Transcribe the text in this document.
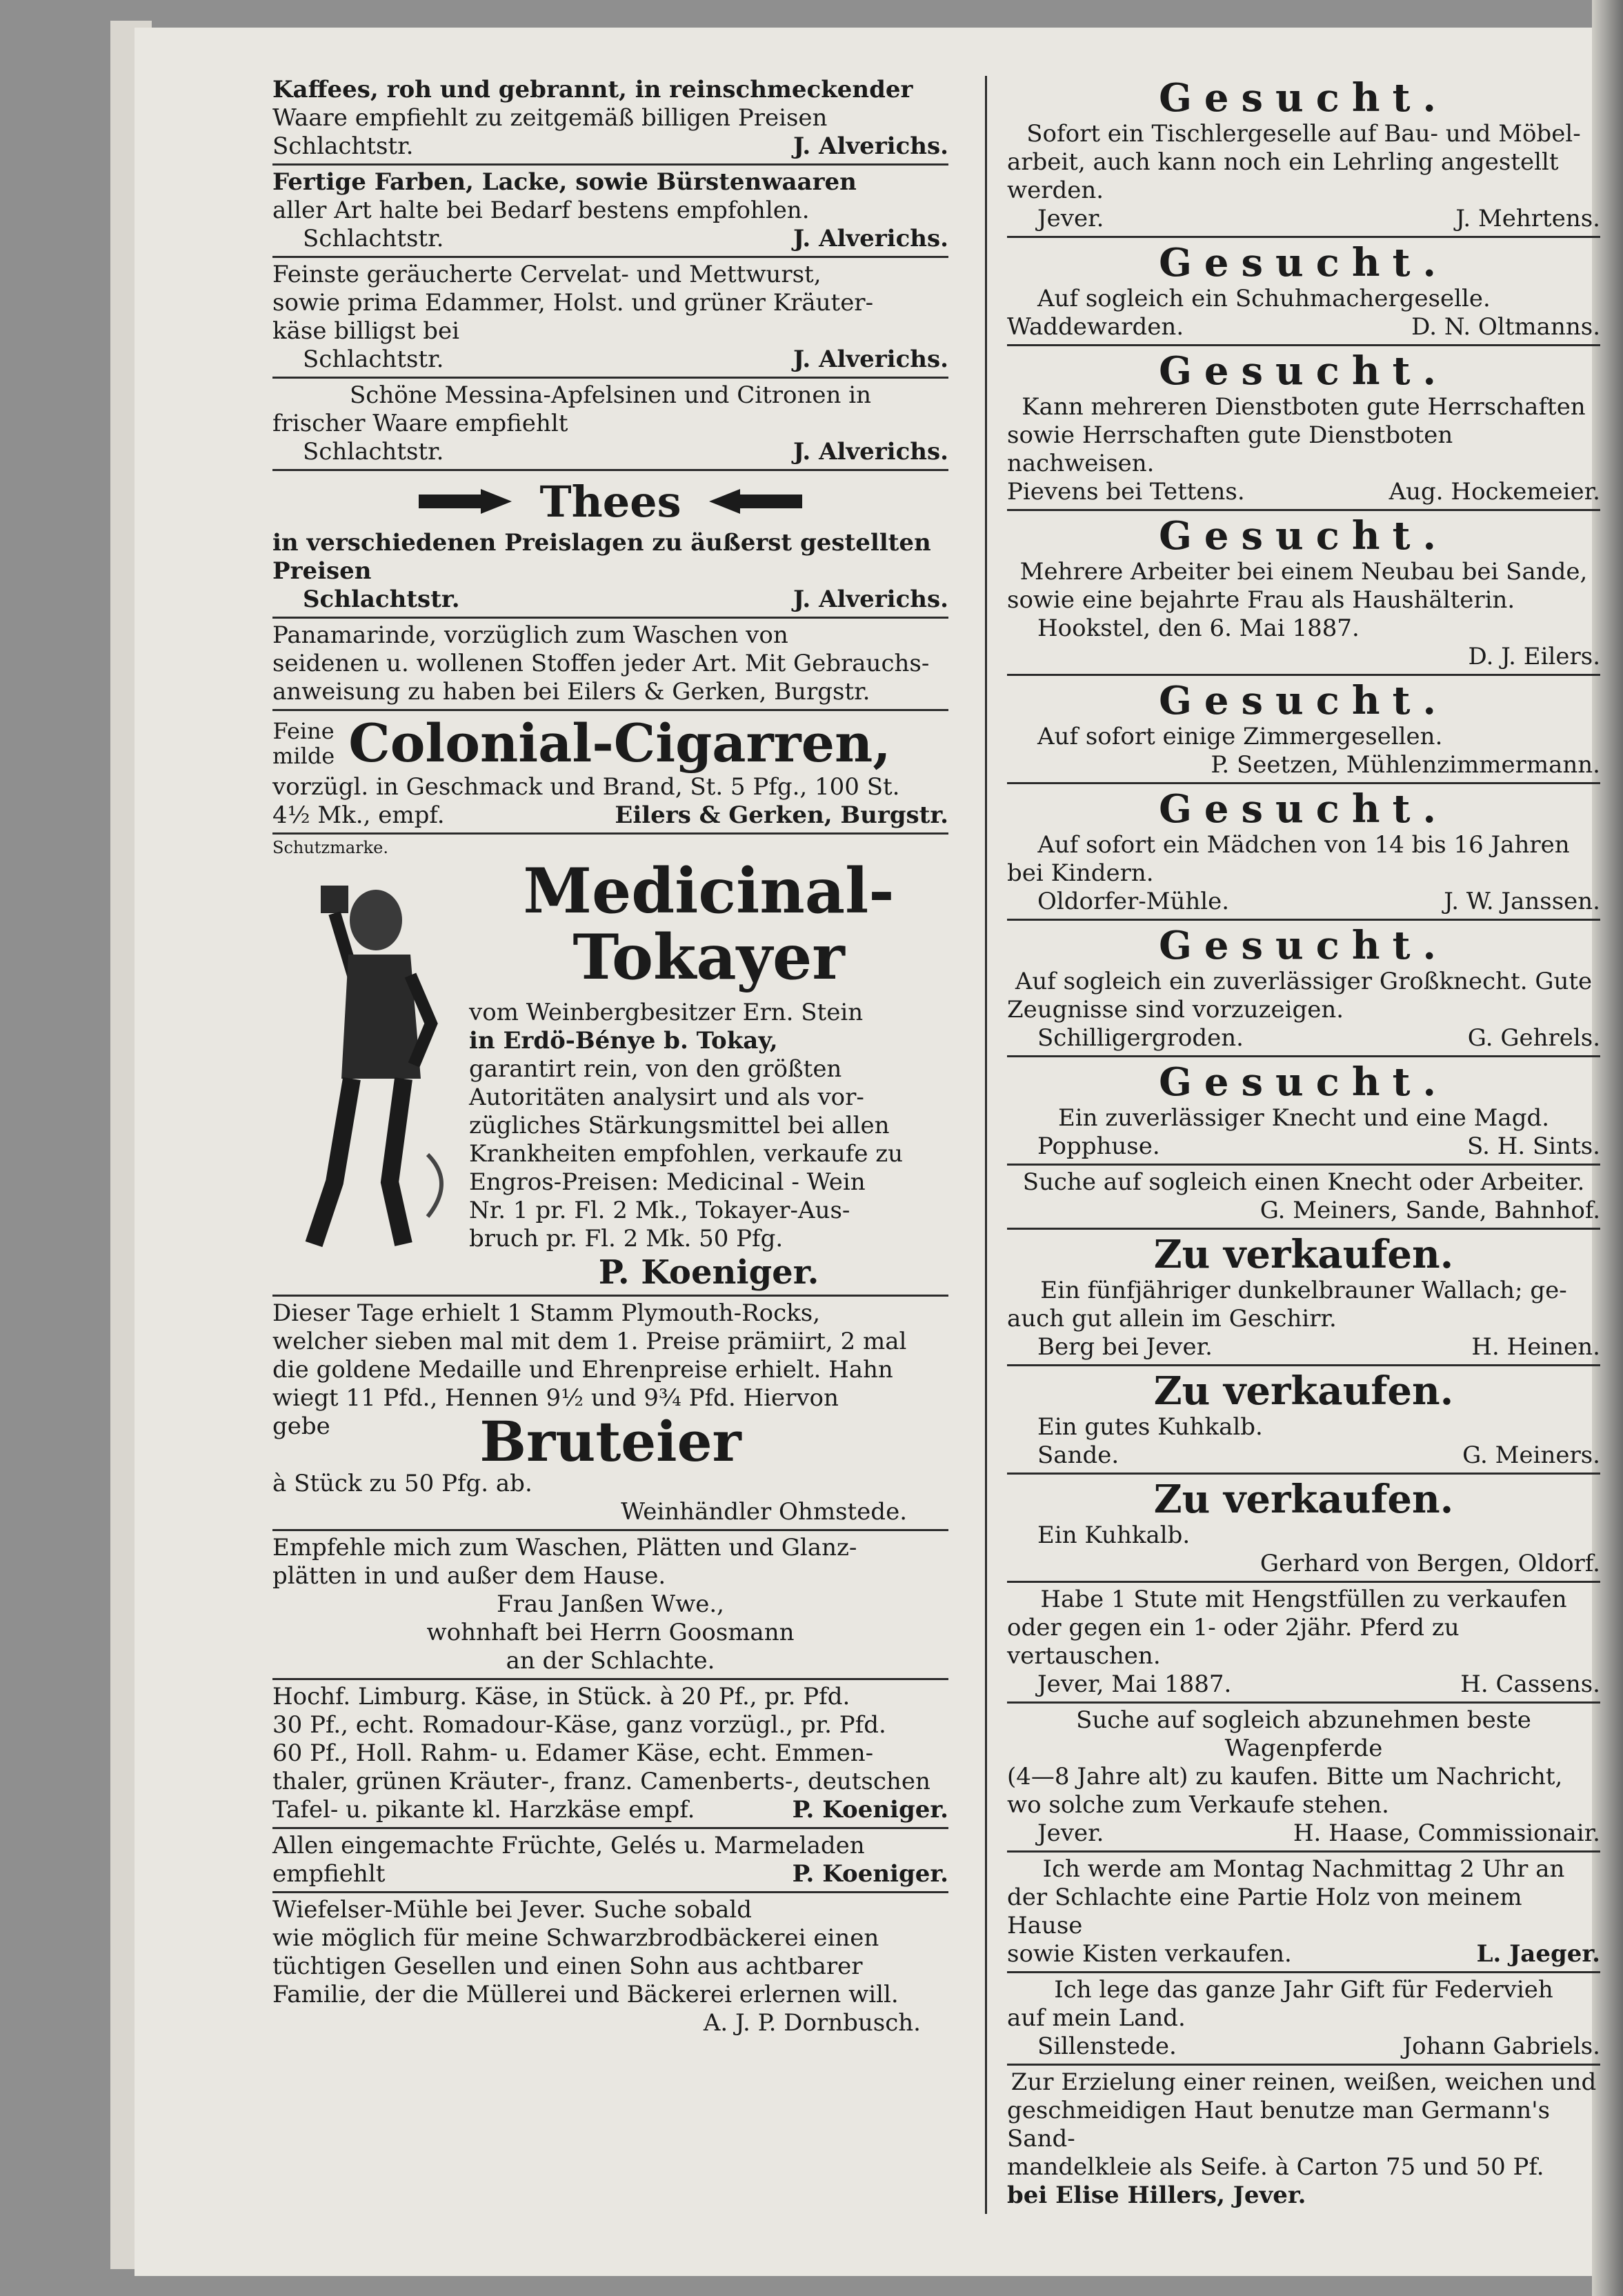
Kaffees, roh und gebrannt, in reinschmeckender

Waare empfiehlt zu zeitgemäß billigen Preisen

Schlachtstr.	J. Alverichs.

Fertige Farben, Lacke, sowie Bürstenwaaren

aller Art halte bei Bedarf bestens empfohlen.

Schlachtstr.	J. Alverichs.

Feinste geräucherte Cervelat- und Mettwurst,

sowie prima Edammer, Holst. und grüner Kräuter-

käse billigst bei

Schlachtstr.	J. Alverichs.

Schöne Messina-Apfelsinen und Citronen in

frischer Waare empfiehlt

Schlachtstr.	J. Alverichs.
Thees

in verschiedenen Preislagen zu äußerst gestellten

Preisen

Schlachtstr.	J. Alverichs.

Panamarinde, vorzüglich zum Waschen von

seidenen u. wollenen Stoffen jeder Art. Mit Gebrauchs-

anweisung zu haben bei Eilers & Gerken, Burgstr.

Feine
milde Colonial-Cigarren,

vorzügl. in Geschmack und Brand, St. 5 Pfg., 100 St.

4½ Mk., empf.	Eilers & Gerken, Burgstr.
Schutzmarke.
Medicinal-
Tokayer

vom Weinbergbesitzer Ern. Stein

in Erdö-Bénye b. Tokay,

garantirt rein, von den größten

Autoritäten analysirt und als vor-

zügliches Stärkungsmittel bei allen

Krankheiten empfohlen, verkaufe zu

Engros-Preisen: Medicinal - Wein

Nr. 1 pr. Fl. 2 Mk., Tokayer-Aus-

bruch pr. Fl. 2 Mk. 50 Pfg.

P. Koeniger.

Dieser Tage erhielt 1 Stamm Plymouth-Rocks,

welcher sieben mal mit dem 1. Preise prämiirt, 2 mal

die goldene Medaille und Ehrenpreise erhielt. Hahn

wiegt 11 Pfd., Hennen 9½ und 9¾ Pfd. Hiervon

gebe	Bruteier

à Stück zu 50 Pfg. ab.

Weinhändler Ohmstede.

Empfehle mich zum Waschen, Plätten und Glanz-

plätten in und außer dem Hause.

Frau Janßen Wwe.,

wohnhaft bei Herrn Goosmann

an der Schlachte.

Hochf. Limburg. Käse, in Stück. à 20 Pf., pr. Pfd.

30 Pf., echt. Romadour-Käse, ganz vorzügl., pr. Pfd.

60 Pf., Holl. Rahm- u. Edamer Käse, echt. Emmen-

thaler, grünen Kräuter-, franz. Camenberts-, deutschen

Tafel- u. pikante kl. Harzkäse empf.	P. Koeniger.

Allen eingemachte Früchte, Gelés u. Marmeladen

empfiehlt	P. Koeniger.

Wiefelser-Mühle bei Jever. Suche sobald

wie möglich für meine Schwarzbrodbäckerei einen

tüchtigen Gesellen und einen Sohn aus achtbarer

Familie, der die Müllerei und Bäckerei erlernen will.

A. J. P. Dornbusch.

Gesucht.

Sofort ein Tischlergeselle auf Bau- und Möbel-

arbeit, auch kann noch ein Lehrling angestellt werden.

Jever.	J. Mehrtens.
Gesucht.

Auf sogleich ein Schuhmachergeselle.

Waddewarden.	D. N. Oltmanns.
Gesucht.

Kann mehreren Dienstboten gute Herrschaften

sowie Herrschaften gute Dienstboten nachweisen.

Pievens bei Tettens.	Aug. Hockemeier.
Gesucht.

Mehrere Arbeiter bei einem Neubau bei Sande,

sowie eine bejahrte Frau als Haushälterin.

Hookstel, den 6. Mai 1887.

D. J. Eilers.

Gesucht.

Auf sofort einige Zimmergesellen.

P. Seetzen, Mühlenzimmermann.

Gesucht.

Auf sofort ein Mädchen von 14 bis 16 Jahren

bei Kindern.

Oldorfer-Mühle.	J. W. Janssen.
Gesucht.

Auf sogleich ein zuverlässiger Großknecht. Gute

Zeugnisse sind vorzuzeigen.

Schilligergroden.	G. Gehrels.
Gesucht.

Ein zuverlässiger Knecht und eine Magd.

Popphuse.	S. H. Sints.

Suche auf sogleich einen Knecht oder Arbeiter.

G. Meiners, Sande, Bahnhof.

Zu verkaufen.

Ein fünfjähriger dunkelbrauner Wallach; ge-

auch gut allein im Geschirr.

Berg bei Jever.	H. Heinen.
Zu verkaufen.

Ein gutes Kuhkalb.

Sande.	G. Meiners.
Zu verkaufen.

Ein Kuhkalb.

Gerhard von Bergen, Oldorf.

Habe 1 Stute mit Hengstfüllen zu verkaufen

oder gegen ein 1- oder 2jähr. Pferd zu vertauschen.

Jever, Mai 1887.	H. Cassens.

Suche auf sogleich abzunehmen beste Wagenpferde

(4—8 Jahre alt) zu kaufen. Bitte um Nachricht,

wo solche zum Verkaufe stehen.

Jever.	H. Haase, Commissionair.

Ich werde am Montag Nachmittag 2 Uhr an

der Schlachte eine Partie Holz von meinem Hause

sowie Kisten verkaufen.	L. Jaeger.

Ich lege das ganze Jahr Gift für Federvieh

auf mein Land.

Sillenstede.	Johann Gabriels.

Zur Erzielung einer reinen, weißen, weichen und

geschmeidigen Haut benutze man Germann's Sand-

mandelkleie als Seife. à Carton 75 und 50 Pf.

bei Elise Hillers, Jever.
